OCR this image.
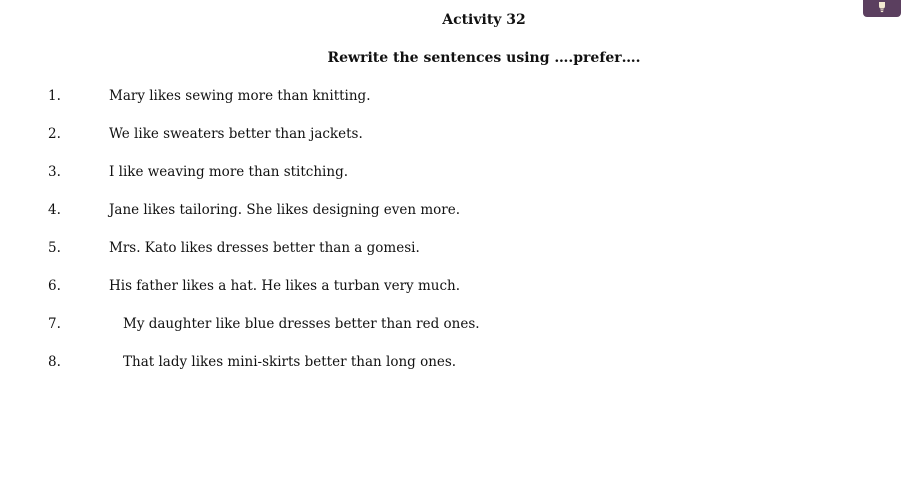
Activity 32
Rewrite the sentences using ….prefer….
1.	Mary likes sewing more than knitting.
2.	We like sweaters better than jackets.
3.	I like weaving more than stitching.
4.	Jane likes tailoring. She likes designing even more.
5.	Mrs. Kato likes dresses better than a gomesi.
6.	His father likes a hat. He likes a turban very much.
7.	My daughter like blue dresses better than red ones.
8.	That lady likes mini-skirts better than long ones.
